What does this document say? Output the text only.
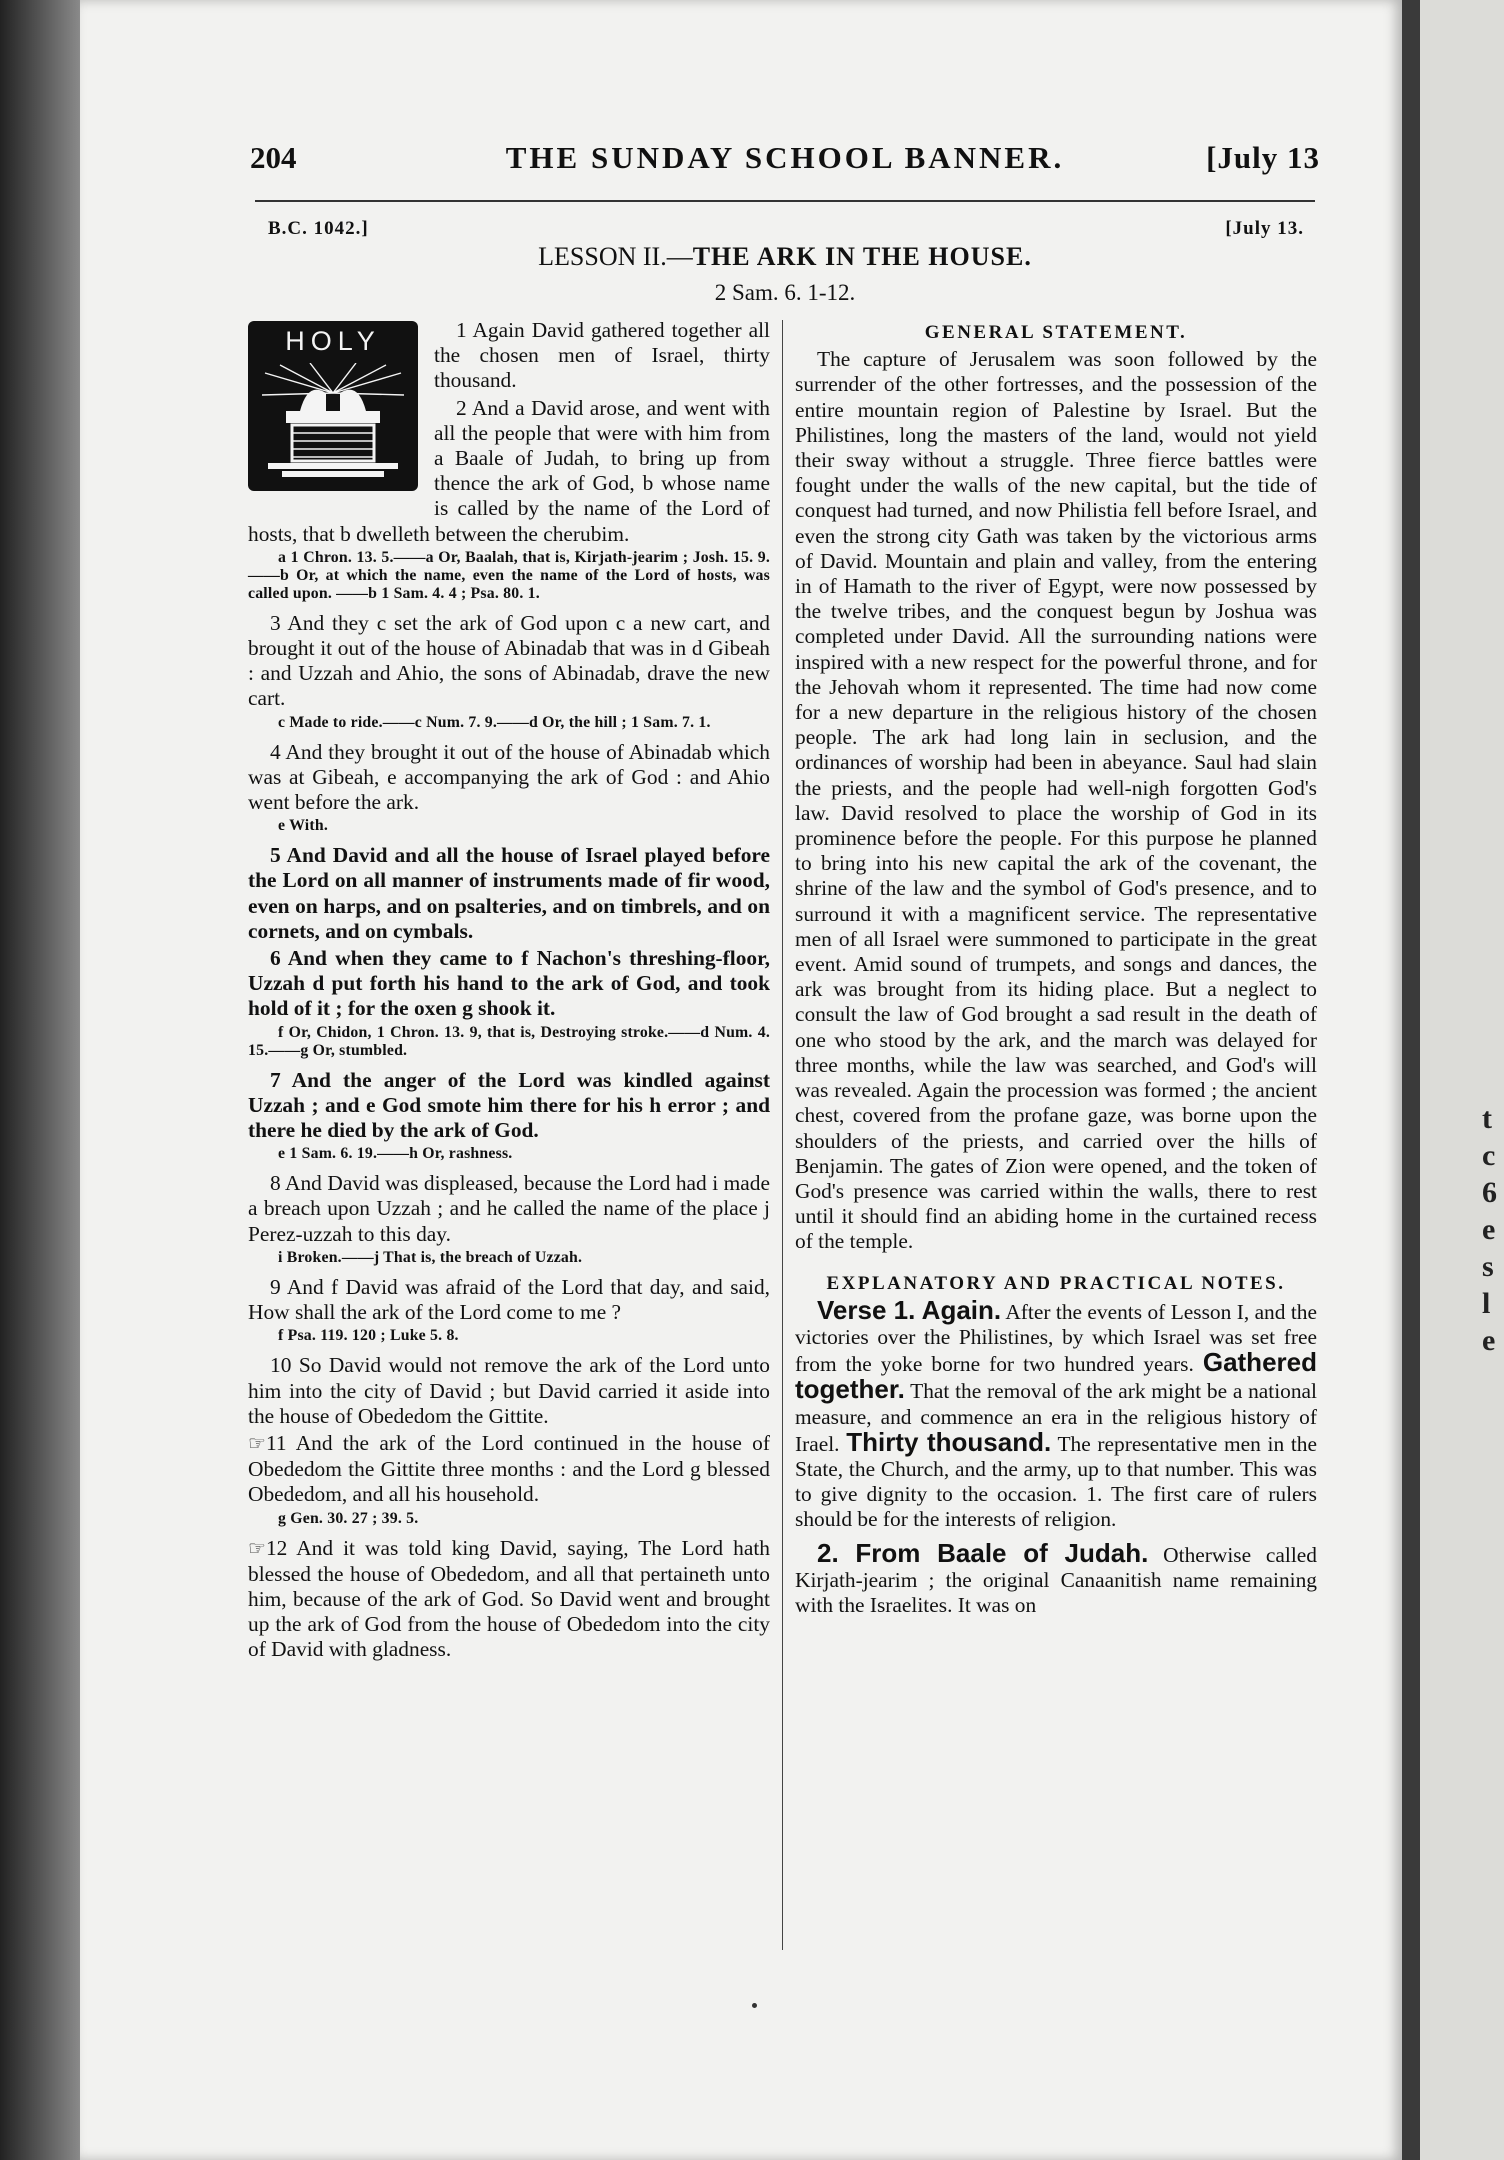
t
c
6
e
s
l
e
204	THE SUNDAY SCHOOL BANNER.	[July 13
B.C. 1042.]	[July 13.
LESSON II.—THE ARK IN THE HOUSE.
2 Sam. 6. 1-12.
HOLY	1 Again David gathered together all the chosen men of Israel, thirty thousand.

2 And a David arose, and went with all the people that were with him from a Baale of Judah, to bring up from thence the ark of God, b whose name is called by the name of the Lord of hosts, that b dwelleth between the cherubim.

a 1 Chron. 13. 5.——a Or, Baalah, that is, Kirjath-jearim ; Josh. 15. 9.——b Or, at which the name, even the name of the Lord of hosts, was called upon. ——b 1 Sam. 4. 4 ; Psa. 80. 1.

3 And they c set the ark of God upon c a new cart, and brought it out of the house of Abinadab that was in d Gibeah : and Uzzah and Ahio, the sons of Abinadab, drave the new cart.

c Made to ride.——c Num. 7. 9.——d Or, the hill ; 1 Sam. 7. 1.

4 And they brought it out of the house of Abinadab which was at Gibeah, e accompanying the ark of God : and Ahio went before the ark.

e With.

5 And David and all the house of Israel played before the Lord on all manner of instruments made of fir wood, even on harps, and on psalteries, and on timbrels, and on cornets, and on cymbals.

6 And when they came to f Nachon's threshing-floor, Uzzah d put forth his hand to the ark of God, and took hold of it ; for the oxen g shook it.

f Or, Chidon, 1 Chron. 13. 9, that is, Destroying stroke.——d Num. 4. 15.——g Or, stumbled.

7 And the anger of the Lord was kindled against Uzzah ; and e God smote him there for his h error ; and there he died by the ark of God.

e 1 Sam. 6. 19.——h Or, rashness.

8 And David was displeased, because the Lord had i made a breach upon Uzzah ; and he called the name of the place j Perez-uzzah to this day.

i Broken.——j That is, the breach of Uzzah.

9 And f David was afraid of the Lord that day, and said, How shall the ark of the Lord come to me ?

f Psa. 119. 120 ; Luke 5. 8.

10 So David would not remove the ark of the Lord unto him into the city of David ; but David carried it aside into the house of Obededom the Gittite.

☞11 And the ark of the Lord continued in the house of Obededom the Gittite three months : and the Lord g blessed Obededom, and all his household.

g Gen. 30. 27 ; 39. 5.

☞12 And it was told king David, saying, The Lord hath blessed the house of Obededom, and all that pertaineth unto him, because of the ark of God. So David went and brought up the ark of God from the house of Obededom into the city of David with gladness.

GENERAL STATEMENT.

The capture of Jerusalem was soon followed by the surrender of the other fortresses, and the possession of the entire mountain region of Palestine by Israel. But the Philistines, long the masters of the land, would not yield their sway without a struggle. Three fierce battles were fought under the walls of the new capital, but the tide of conquest had turned, and now Philistia fell before Israel, and even the strong city Gath was taken by the victorious arms of David. Mountain and plain and valley, from the entering in of Hamath to the river of Egypt, were now possessed by the twelve tribes, and the conquest begun by Joshua was completed under David. All the surrounding nations were inspired with a new respect for the powerful throne, and for the Jehovah whom it represented. The time had now come for a new departure in the religious history of the chosen people. The ark had long lain in seclusion, and the ordinances of worship had been in abeyance. Saul had slain the priests, and the people had well-nigh forgotten God's law. David resolved to place the worship of God in its prominence before the people. For this purpose he planned to bring into his new capital the ark of the covenant, the shrine of the law and the symbol of God's presence, and to surround it with a magnificent service. The representative men of all Israel were summoned to participate in the great event. Amid sound of trumpets, and songs and dances, the ark was brought from its hiding place. But a neglect to consult the law of God brought a sad result in the death of one who stood by the ark, and the march was delayed for three months, while the law was searched, and God's will was revealed. Again the procession was formed ; the ancient chest, covered from the profane gaze, was borne upon the shoulders of the priests, and carried over the hills of Benjamin. The gates of Zion were opened, and the token of God's presence was carried within the walls, there to rest until it should find an abiding home in the curtained recess of the temple.

EXPLANATORY AND PRACTICAL NOTES.

Verse 1. Again. After the events of Lesson I, and the victories over the Philistines, by which Israel was set free from the yoke borne for two hundred years. Gathered together. That the removal of the ark might be a national measure, and commence an era in the religious history of Irael. Thirty thousand. The representative men in the State, the Church, and the army, up to that number. This was to give dignity to the occasion. 1. The first care of rulers should be for the interests of religion.

2. From Baale of Judah. Otherwise called Kirjath-jearim ; the original Canaanitish name remaining with the Israelites. It was on
